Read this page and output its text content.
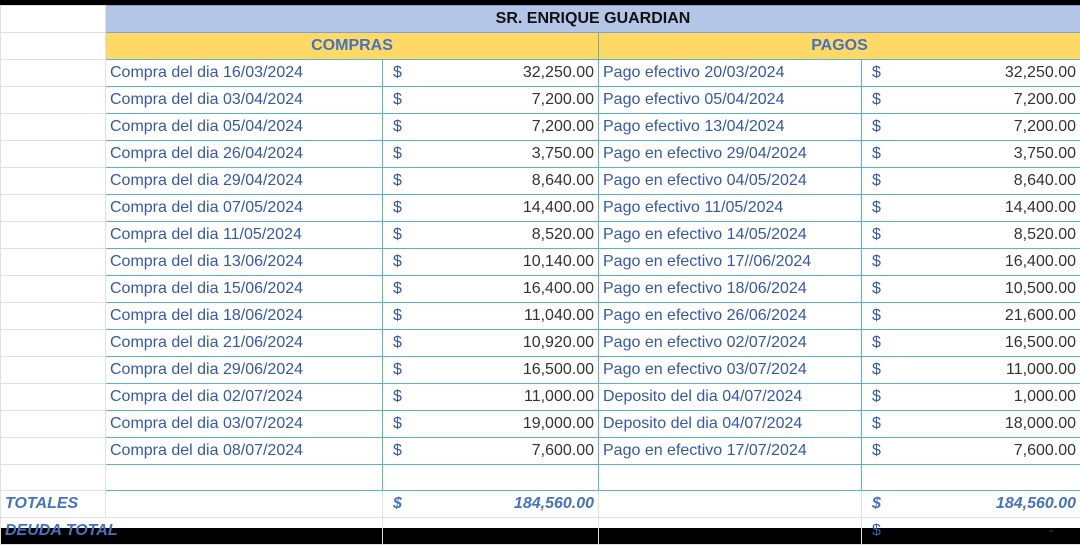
	SR. ENRIQUE GUARDIAN			
	COMPRAS		PAGOS	
	Compra del dia 16/03/2024	$ 32,250.00	Pago efectivo 20/03/2024	$ 32,250.00

	Compra del dia 03/04/2024	$ 7,200.00	Pago efectivo 05/04/2024	$ 7,200.00

	Compra del dia 05/04/2024	$ 7,200.00	Pago efectivo 13/04/2024	$ 7,200.00

	Compra del dia 26/04/2024	$ 3,750.00	Pago en efectivo 29/04/2024	$ 3,750.00

	Compra del dia 29/04/2024	$ 8,640.00	Pago en efectivo 04/05/2024	$ 8,640.00

	Compra del dia 07/05/2024	$ 14,400.00	Pago efectivo 11/05/2024	$ 14,400.00

	Compra del dia 11/05/2024	$ 8,520.00	Pago en efectivo 14/05/2024	$ 8,520.00

	Compra del dia 13/06/2024	$ 10,140.00	Pago en efectivo 17//06/2024	$ 16,400.00

	Compra del dia 15/06/2024	$ 16,400.00	Pago en efectivo 18/06/2024	$ 10,500.00

	Compra del dia 18/06/2024	$ 11,040.00	Pago en efectivo 26/06/2024	$ 21,600.00

	Compra del dia 21/06/2024	$ 10,920.00	Pago en efectivo 02/07/2024	$ 16,500.00

	Compra del dia 29/06/2024	$ 16,500.00	Pago en efectivo 03/07/2024	$ 11,000.00

	Compra del dia 02/07/2024	$ 11,000.00	Deposito del dia 04/07/2024	$ 1,000.00

	Compra del dia 03/07/2024	$ 19,000.00	Deposito del dia 04/07/2024	$ 18,000.00

	Compra del dia 08/07/2024	$ 7,600.00	Pago en efectivo 17/07/2024	$ 7,600.00

TOTALES		$ 184,560.00		$ 184,560.00

DEUDA TOTAL				$ -
